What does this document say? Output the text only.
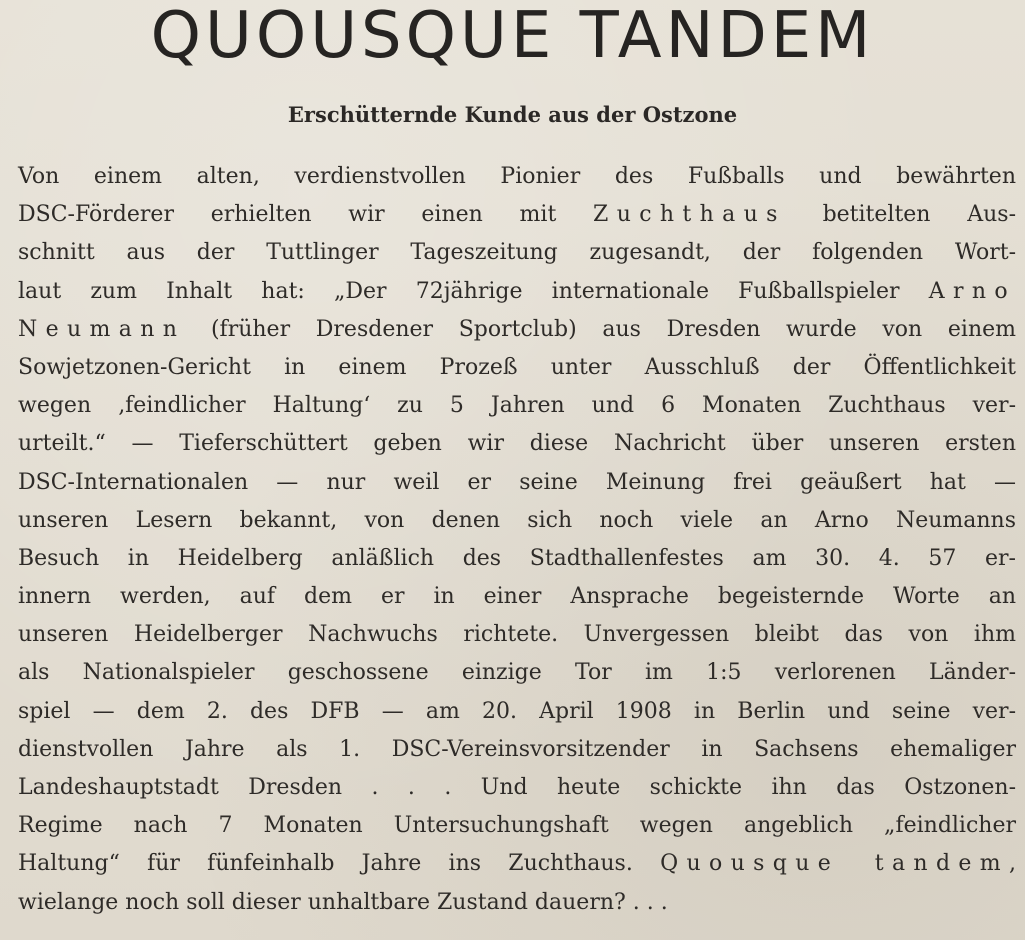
QUOUSQUE TANDEM
Erschütternde Kunde aus der Ostzone
Von einem alten, verdienstvollen Pionier des Fußballs und bewährten
DSC-Förderer erhielten wir einen mit Zuchthaus betitelten Aus-
schnitt aus der Tuttlinger Tageszeitung zugesandt, der folgenden Wort-
laut zum Inhalt hat: „Der 72jährige internationale Fußballspieler Arno
Neumann (früher Dresdener Sportclub) aus Dresden wurde von einem
Sowjetzonen-Gericht in einem Prozeß unter Ausschluß der Öffentlichkeit
wegen ‚feindlicher Haltung‘ zu 5 Jahren und 6 Monaten Zuchthaus ver-
urteilt.“ — Tieferschüttert geben wir diese Nachricht über unseren ersten
DSC-Internationalen — nur weil er seine Meinung frei geäußert hat —
unseren Lesern bekannt, von denen sich noch viele an Arno Neumanns
Besuch in Heidelberg anläßlich des Stadthallenfestes am 30. 4. 57 er-
innern werden, auf dem er in einer Ansprache begeisternde Worte an
unseren Heidelberger Nachwuchs richtete. Unvergessen bleibt das von ihm
als Nationalspieler geschossene einzige Tor im 1:5 verlorenen Länder-
spiel — dem 2. des DFB — am 20. April 1908 in Berlin und seine ver-
dienstvollen Jahre als 1. DSC-Vereinsvorsitzender in Sachsens ehemaliger
Landeshauptstadt Dresden . . . Und heute schickte ihn das Ostzonen-
Regime nach 7 Monaten Untersuchungshaft wegen angeblich „feindlicher
Haltung“ für fünfeinhalb Jahre ins Zuchthaus. Quousque tandem,
wielange noch soll dieser unhaltbare Zustand dauern? . . .
